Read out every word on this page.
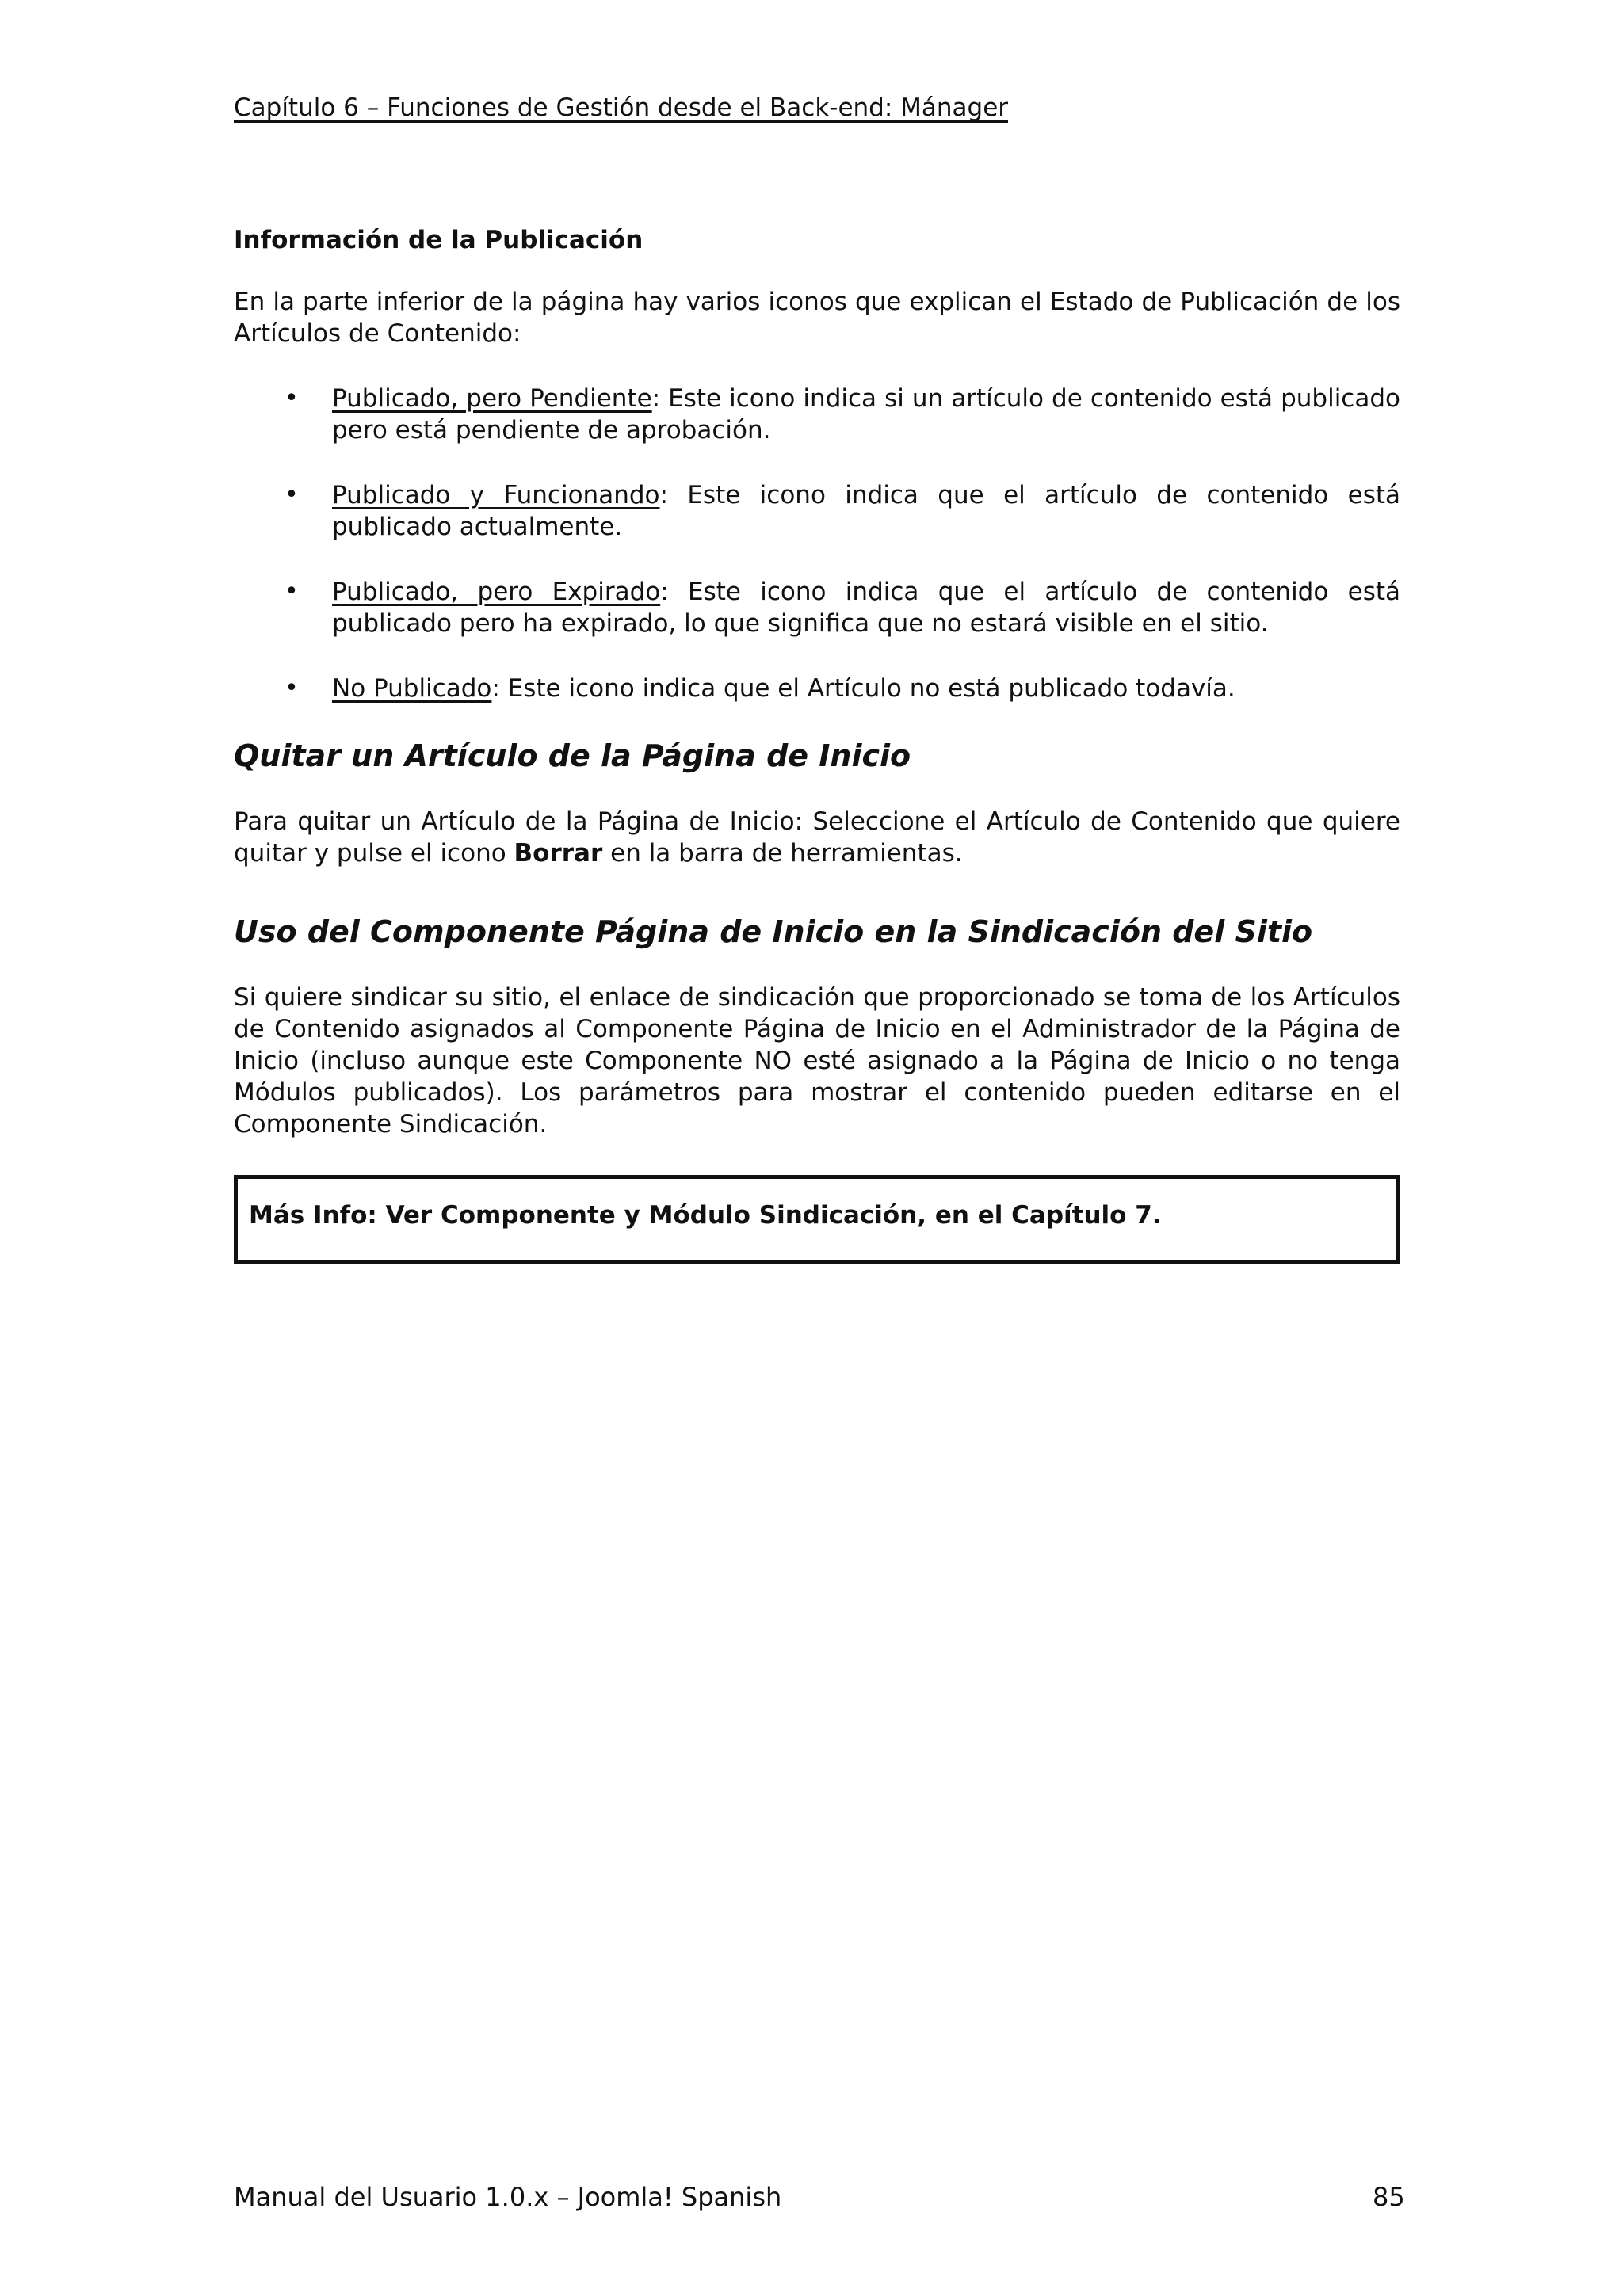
Capítulo 6 – Funciones de Gestión desde el Back-end: Mánager
Información de la Publicación

En la parte inferior de la página hay varios iconos que explican el Estado de Publicación de los Artículos de Contenido:

• Publicado, pero Pendiente: Este icono indica si un artículo de contenido está publicado pero está pendiente de aprobación.
• Publicado y Funcionando: Este icono indica que el artículo de contenido está publicado actualmente.
• Publicado, pero Expirado: Este icono indica que el artículo de contenido está publicado pero ha expirado, lo que significa que no estará visible en el sitio.
• No Publicado: Este icono indica que el Artículo no está publicado todavía.
Quitar un Artículo de la Página de Inicio

Para quitar un Artículo de la Página de Inicio: Seleccione el Artículo de Contenido que quiere quitar y pulse el icono Borrar en la barra de herramientas.

Uso del Componente Página de Inicio en la Sindicación del Sitio

Si quiere sindicar su sitio, el enlace de sindicación que proporcionado se toma de los Artículos de Contenido asignados al Componente Página de Inicio en el Administrador de la Página de Inicio (incluso aunque este Componente NO esté asignado a la Página de Inicio o no tenga Módulos publicados). Los parámetros para mostrar el contenido pueden editarse en el Componente Sindicación.

Más Info: Ver Componente y Módulo Sindicación, en el Capítulo 7.
Manual del Usuario 1.0.x – Joomla! Spanish	85
